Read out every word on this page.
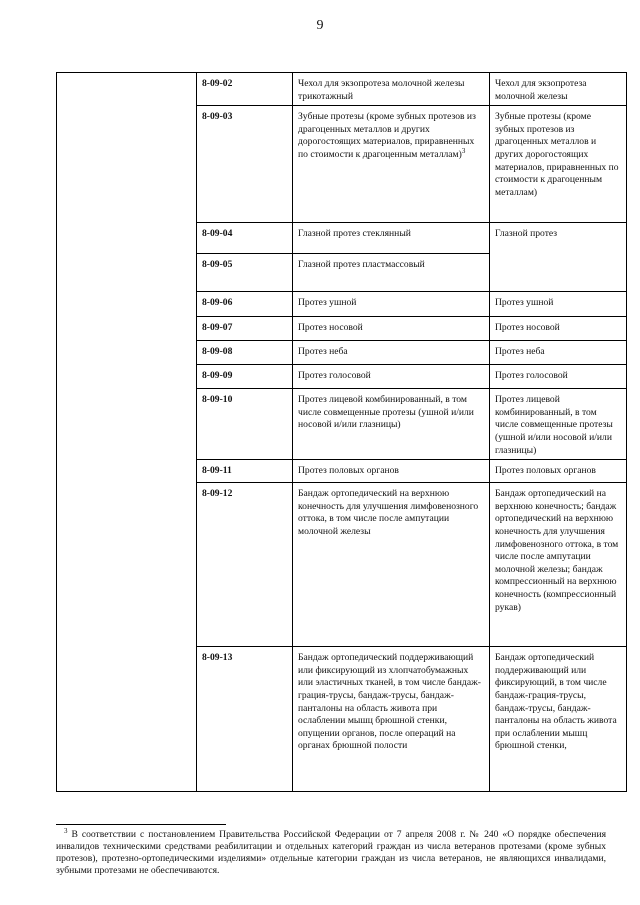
9
	8-09-02	Чехол для экзопротеза молочной железы трикотажный	Чехол для экзопротеза молочной железы
	8-09-03	Зубные протезы (кроме зубных протезов из драгоценных металлов и других дорогостоящих материалов, приравненных по стоимости к драгоценным металлам)$^3$	Зубные протезы (кроме зубных протезов из драгоценных металлов и других дорогостоящих материалов, приравненных по стоимости к драгоценным металлам)
	8-09-04	Глазной протез стеклянный	Глазной протез
	8-09-05	Глазной протез пластмассовый	
	8-09-06	Протез ушной	Протез ушной
	8-09-07	Протез носовой	Протез носовой
	8-09-08	Протез неба	Протез неба
	8-09-09	Протез голосовой	Протез голосовой
	8-09-10	Протез лицевой комбинированный, в том числе совмещенные протезы (ушной и/или носовой и/или глазницы)	Протез лицевой комбинированный, в том числе совмещенные протезы (ушной и/или носовой и/или глазницы)
	8-09-11	Протез половых органов	Протез половых органов
	8-09-12	Бандаж ортопедический на верхнюю конечность для улучшения лимфовенозного оттока, в том числе после ампутации молочной железы	Бандаж ортопедический на верхнюю конечность; бандаж ортопедический на верхнюю конечность для улучшения лимфовенозного оттока, в том числе после ампутации молочной железы; бандаж компрессионный на верхнюю конечность (компрессионный рукав)
	8-09-13	Бандаж ортопедический поддерживающий или фиксирующий из хлопчатобумажных или эластичных тканей, в том числе бандаж-грация-трусы, бандаж-трусы, бандаж-панталоны на область живота при ослаблении мышц брюшной стенки, опущении органов, после операций на органах брюшной полости	Бандаж ортопедический поддерживающий или фиксирующий, в том числе бандаж-грация-трусы, бандаж-трусы, бандаж-панталоны на область живота при ослаблении мышц брюшной стенки,
$^3$ В соответствии с постановлением Правительства Российской Федерации от 7 апреля 2008 г. № 240 «О порядке обеспечения инвалидов техническими средствами реабилитации и отдельных категорий граждан из числа ветеранов протезами (кроме зубных протезов), протезно-ортопедическими изделиями» отдельные категории граждан из числа ветеранов, не являющихся инвалидами, зубными протезами не обеспечиваются.
